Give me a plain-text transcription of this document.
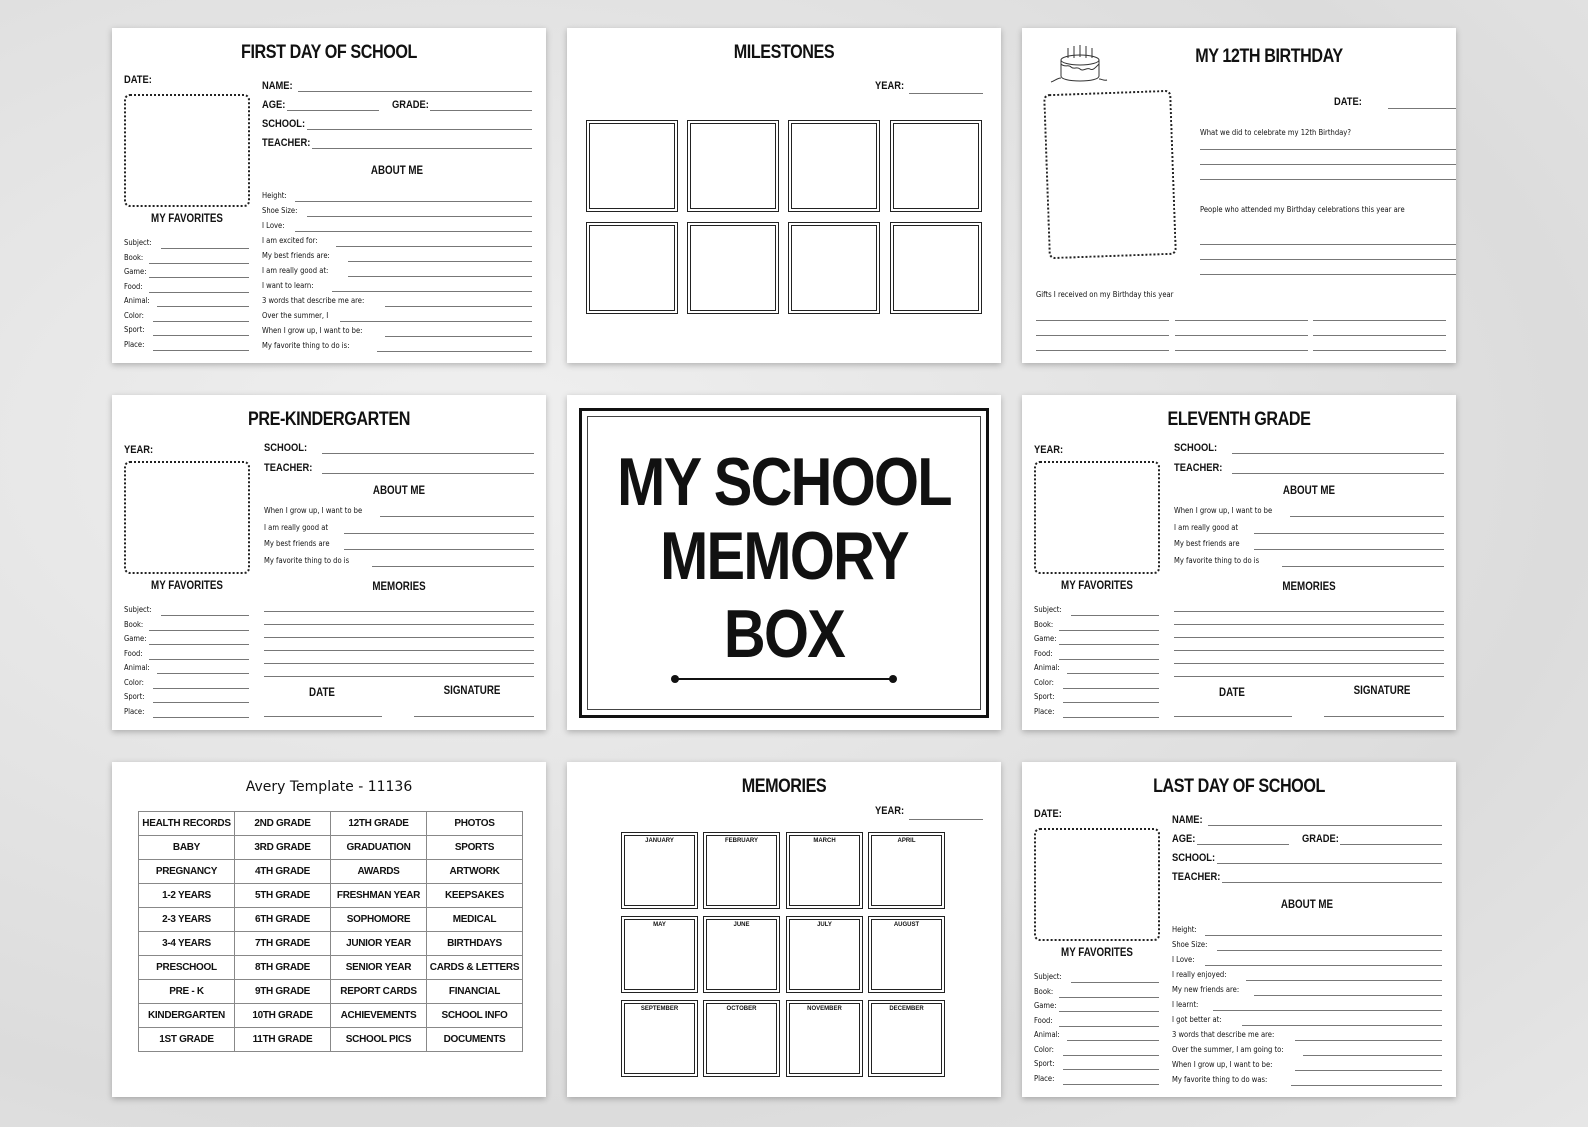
FIRST DAY OF SCHOOL
DATE:
MY FAVORITES
Subject:
Book:
Game:
Food:
Animal:
Color:
Sport:
Place:
NAME:
AGE:	GRADE:
SCHOOL:
TEACHER:
ABOUT ME
Height:
Shoe Size:
I Love:
I am excited for:
My best friends are:
I am really good at:
I want to learn:
3 words that describe me are:
Over the summer, I
When I grow up, I want to be:
My favorite thing to do is:
MILESTONES
YEAR:
MY 12TH BIRTHDAY
DATE:
What we did to celebrate my 12th Birthday?
People who attended my Birthday celebrations this year are
Gifts I received on my Birthday this year
PRE-KINDERGARTEN
YEAR:
MY FAVORITES
Subject:
Book:
Game:
Food:
Animal:
Color:
Sport:
Place:
SCHOOL:
TEACHER:
ABOUT ME
When I grow up, I want to be
I am really good at
My best friends are
My favorite thing to do is
MEMORIES
DATE	SIGNATURE
MY SCHOOL
MEMORY BOX
ELEVENTH GRADE
YEAR:
MY FAVORITES
Subject:
Book:
Game:
Food:
Animal:
Color:
Sport:
Place:
SCHOOL:
TEACHER:
ABOUT ME
When I grow up, I want to be
I am really good at
My best friends are
My favorite thing to do is
MEMORIES
DATE	SIGNATURE
Avery Template - 11136
HEALTH RECORDS	2ND GRADE	12TH GRADE	PHOTOS
BABY	3RD GRADE	GRADUATION	SPORTS
PREGNANCY	4TH GRADE	AWARDS	ARTWORK
1-2 YEARS	5TH GRADE	FRESHMAN YEAR	KEEPSAKES
2-3 YEARS	6TH GRADE	SOPHOMORE	MEDICAL
3-4 YEARS	7TH GRADE	JUNIOR YEAR	BIRTHDAYS
PRESCHOOL	8TH GRADE	SENIOR YEAR	CARDS & LETTERS
PRE - K	9TH GRADE	REPORT CARDS	FINANCIAL
KINDERGARTEN	10TH GRADE	ACHIEVEMENTS	SCHOOL INFO
1ST GRADE	11TH GRADE	SCHOOL PICS	DOCUMENTS
MEMORIES
YEAR:
JANUARY	FEBRUARY	MARCH	APRIL
MAY	JUNE	JULY	AUGUST
SEPTEMBER	OCTOBER	NOVEMBER	DECEMBER
LAST DAY OF SCHOOL
DATE:
MY FAVORITES
Subject:
Book:
Game:
Food:
Animal:
Color:
Sport:
Place:
NAME:
AGE:	GRADE:
SCHOOL:
TEACHER:
ABOUT ME
Height:
Shoe Size:
I Love:
I really enjoyed:
My new friends are:
I learnt:
I got better at:
3 words that describe me are:
Over the summer, I am going to:
When I grow up, I want to be:
My favorite thing to do was:
